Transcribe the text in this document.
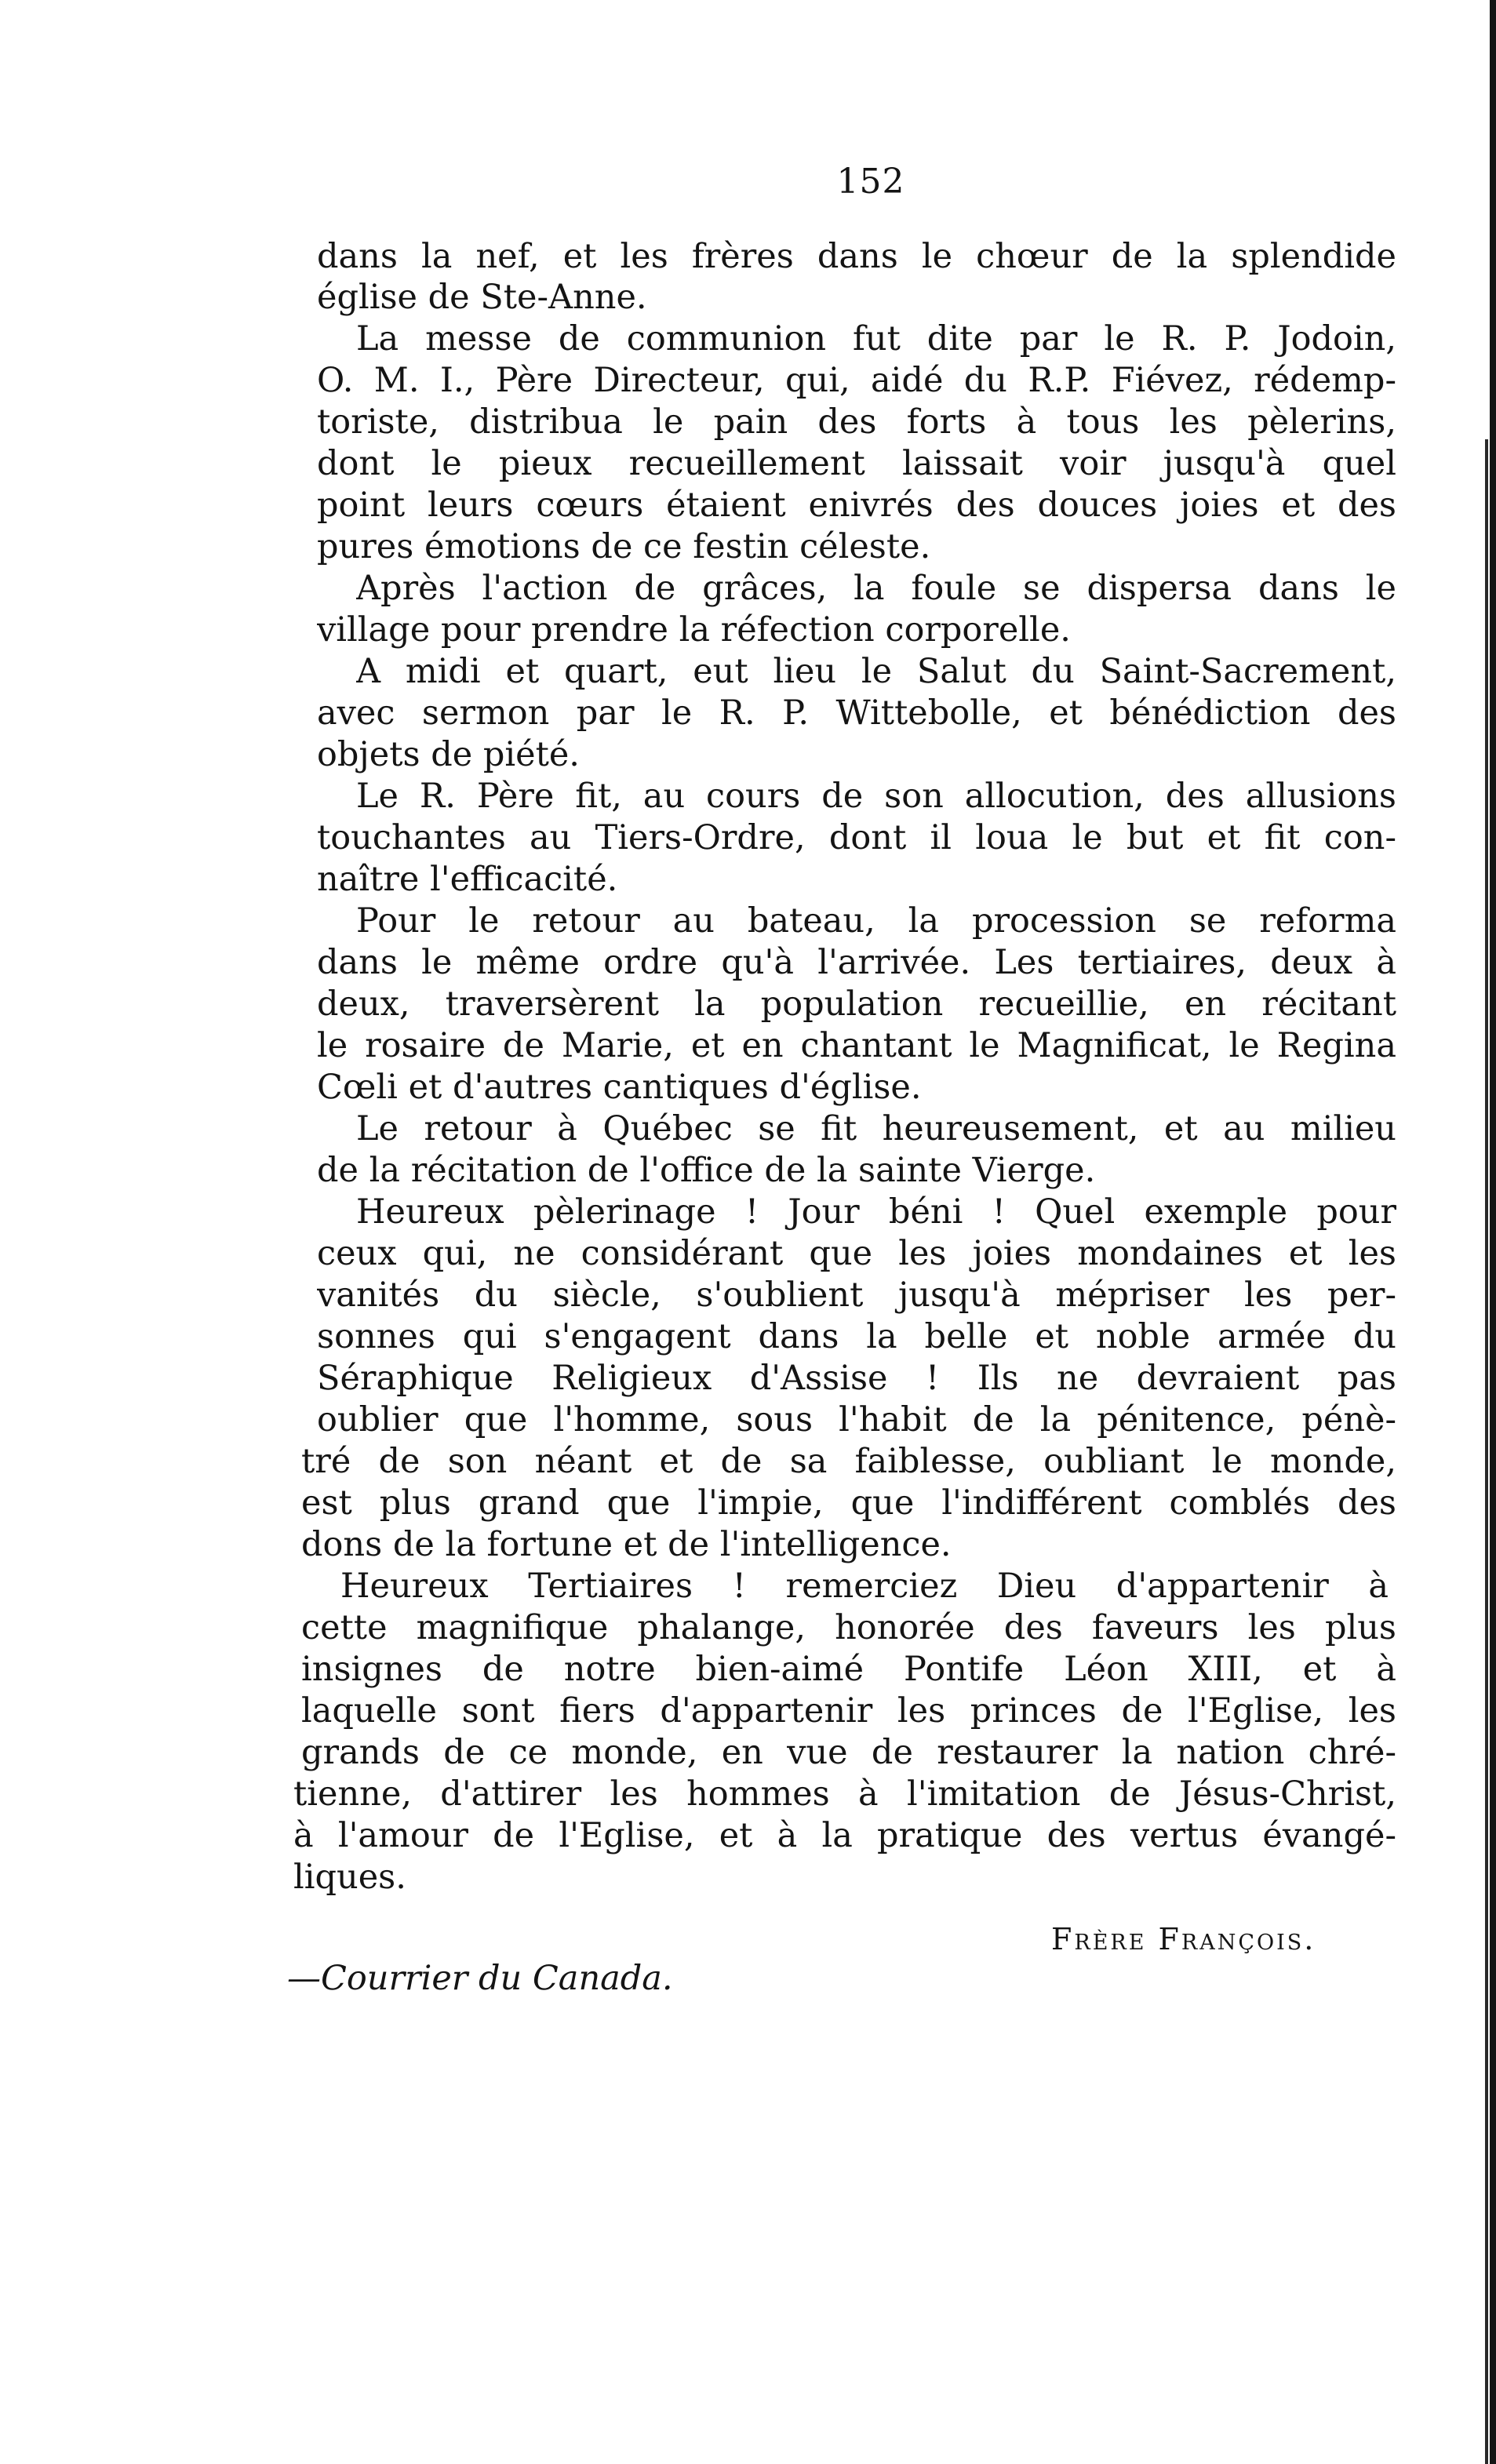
152
dans la nef, et les frères dans le chœur de la splendide
église de Ste-Anne.
La messe de communion fut dite par le R. P. Jodoin,
O. M. I., Père Directeur, qui, aidé du R.P. Fiévez, rédemp-
toriste, distribua le pain des forts à tous les pèlerins,
dont le pieux recueillement laissait voir jusqu'à quel
point leurs cœurs étaient enivrés des douces joies et des
pures émotions de ce festin céleste.
Après l'action de grâces, la foule se dispersa dans le
village pour prendre la réfection corporelle.
A midi et quart, eut lieu le Salut du Saint-Sacrement,
avec sermon par le R. P. Wittebolle, et bénédiction des
objets de piété.
Le R. Père fit, au cours de son allocution, des allusions
touchantes au Tiers-Ordre, dont il loua le but et fit con-
naître l'efficacité.
Pour le retour au bateau, la procession se reforma
dans le même ordre qu'à l'arrivée. Les tertiaires, deux à
deux, traversèrent la population recueillie, en récitant
le rosaire de Marie, et en chantant le Magnificat, le Regina
Cœli et d'autres cantiques d'église.
Le retour à Québec se fit heureusement, et au milieu
de la récitation de l'office de la sainte Vierge.
Heureux pèlerinage ! Jour béni ! Quel exemple pour
ceux qui, ne considérant que les joies mondaines et les
vanités du siècle, s'oublient jusqu'à mépriser les per-
sonnes qui s'engagent dans la belle et noble armée du
Séraphique Religieux d'Assise ! Ils ne devraient pas
oublier que l'homme, sous l'habit de la pénitence, pénè-
tré de son néant et de sa faiblesse, oubliant le monde,
est plus grand que l'impie, que l'indifférent comblés des
dons de la fortune et de l'intelligence.
Heureux Tertiaires ! remerciez Dieu d'appartenir à
cette magnifique phalange, honorée des faveurs les plus
insignes de notre bien-aimé Pontife Léon XIII, et à
laquelle sont fiers d'appartenir les princes de l'Eglise, les
grands de ce monde, en vue de restaurer la nation chré-
tienne, d'attirer les hommes à l'imitation de Jésus-Christ,
à l'amour de l'Eglise, et à la pratique des vertus évangé-
liques.
Frère François.
—Courrier du Canada.
